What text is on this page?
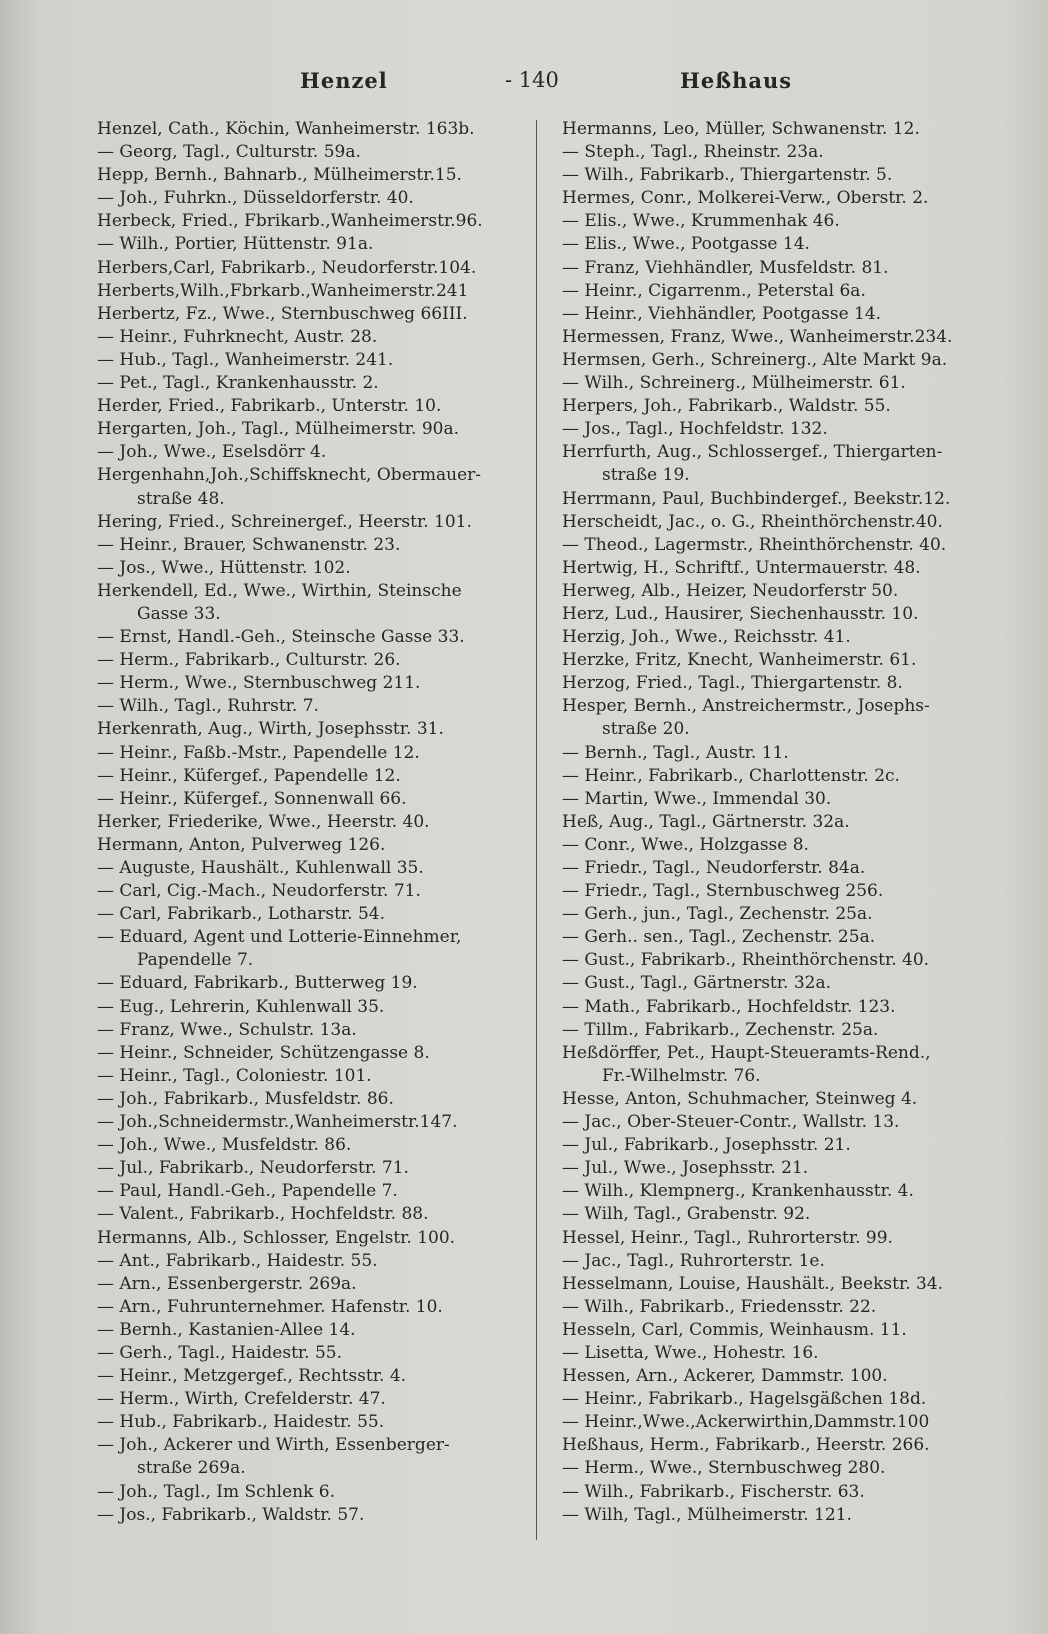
Henzel	- 140	Heßhaus
Henzel, Cath., Köchin, Wanheimerstr. 163b.
— Georg, Tagl., Culturstr. 59a.
Hepp, Bernh., Bahnarb., Mülheimerstr.15.
— Joh., Fuhrkn., Düsseldorferstr. 40.
Herbeck, Fried., Fbrikarb.,Wanheimerstr.96.
— Wilh., Portier, Hüttenstr. 91a.
Herbers,Carl, Fabrikarb., Neudorferstr.104.
Herberts,Wilh.,Fbrkarb.,Wanheimerstr.241
Herbertz, Fz., Wwe., Sternbuschweg 66III.
— Heinr., Fuhrknecht, Austr. 28.
— Hub., Tagl., Wanheimerstr. 241.
— Pet., Tagl., Krankenhausstr. 2.
Herder, Fried., Fabrikarb., Unterstr. 10.
Hergarten, Joh., Tagl., Mülheimerstr. 90a.
— Joh., Wwe., Eselsdörr 4.
Hergenhahn,Joh.,Schiffsknecht, Obermauer-
straße 48.
Hering, Fried., Schreinergef., Heerstr. 101.
— Heinr., Brauer, Schwanenstr. 23.
— Jos., Wwe., Hüttenstr. 102.
Herkendell, Ed., Wwe., Wirthin, Steinsche
Gasse 33.
— Ernst, Handl.-Geh., Steinsche Gasse 33.
— Herm., Fabrikarb., Culturstr. 26.
— Herm., Wwe., Sternbuschweg 211.
— Wilh., Tagl., Ruhrstr. 7.
Herkenrath, Aug., Wirth, Josephsstr. 31.
— Heinr., Faßb.-Mstr., Papendelle 12.
— Heinr., Küfergef., Papendelle 12.
— Heinr., Küfergef., Sonnenwall 66.
Herker, Friederike, Wwe., Heerstr. 40.
Hermann, Anton, Pulverweg 126.
— Auguste, Haushält., Kuhlenwall 35.
— Carl, Cig.-Mach., Neudorferstr. 71.
— Carl, Fabrikarb., Lotharstr. 54.
— Eduard, Agent und Lotterie-Einnehmer,
Papendelle 7.
— Eduard, Fabrikarb., Butterweg 19.
— Eug., Lehrerin, Kuhlenwall 35.
— Franz, Wwe., Schulstr. 13a.
— Heinr., Schneider, Schützengasse 8.
— Heinr., Tagl., Coloniestr. 101.
— Joh., Fabrikarb., Musfeldstr. 86.
— Joh.,Schneidermstr.,Wanheimerstr.147.
— Joh., Wwe., Musfeldstr. 86.
— Jul., Fabrikarb., Neudorferstr. 71.
— Paul, Handl.-Geh., Papendelle 7.
— Valent., Fabrikarb., Hochfeldstr. 88.
Hermanns, Alb., Schlosser, Engelstr. 100.
— Ant., Fabrikarb., Haidestr. 55.
— Arn., Essenbergerstr. 269a.
— Arn., Fuhrunternehmer. Hafenstr. 10.
— Bernh., Kastanien-Allee 14.
— Gerh., Tagl., Haidestr. 55.
— Heinr., Metzgergef., Rechtsstr. 4.
— Herm., Wirth, Crefelderstr. 47.
— Hub., Fabrikarb., Haidestr. 55.
— Joh., Ackerer und Wirth, Essenberger-
straße 269a.
— Joh., Tagl., Im Schlenk 6.
— Jos., Fabrikarb., Waldstr. 57.
Hermanns, Leo, Müller, Schwanenstr. 12.
— Steph., Tagl., Rheinstr. 23a.
— Wilh., Fabrikarb., Thiergartenstr. 5.
Hermes, Conr., Molkerei-Verw., Oberstr. 2.
— Elis., Wwe., Krummenhak 46.
— Elis., Wwe., Pootgasse 14.
— Franz, Viehhändler, Musfeldstr. 81.
— Heinr., Cigarrenm., Peterstal 6a.
— Heinr., Viehhändler, Pootgasse 14.
Hermessen, Franz, Wwe., Wanheimerstr.234.
Hermsen, Gerh., Schreinerg., Alte Markt 9a.
— Wilh., Schreinerg., Mülheimerstr. 61.
Herpers, Joh., Fabrikarb., Waldstr. 55.
— Jos., Tagl., Hochfeldstr. 132.
Herrfurth, Aug., Schlossergef., Thiergarten-
straße 19.
Herrmann, Paul, Buchbindergef., Beekstr.12.
Herscheidt, Jac., o. G., Rheinthörchenstr.40.
— Theod., Lagermstr., Rheinthörchenstr. 40.
Hertwig, H., Schriftf., Untermauerstr. 48.
Herweg, Alb., Heizer, Neudorferstr 50.
Herz, Lud., Hausirer, Siechenhausstr. 10.
Herzig, Joh., Wwe., Reichsstr. 41.
Herzke, Fritz, Knecht, Wanheimerstr. 61.
Herzog, Fried., Tagl., Thiergartenstr. 8.
Hesper, Bernh., Anstreichermstr., Josephs-
straße 20.
— Bernh., Tagl., Austr. 11.
— Heinr., Fabrikarb., Charlottenstr. 2c.
— Martin, Wwe., Immendal 30.
Heß, Aug., Tagl., Gärtnerstr. 32a.
— Conr., Wwe., Holzgasse 8.
— Friedr., Tagl., Neudorferstr. 84a.
— Friedr., Tagl., Sternbuschweg 256.
— Gerh., jun., Tagl., Zechenstr. 25a.
— Gerh.. sen., Tagl., Zechenstr. 25a.
— Gust., Fabrikarb., Rheinthörchenstr. 40.
— Gust., Tagl., Gärtnerstr. 32a.
— Math., Fabrikarb., Hochfeldstr. 123.
— Tillm., Fabrikarb., Zechenstr. 25a.
Heßdörffer, Pet., Haupt-Steueramts-Rend.,
Fr.-Wilhelmstr. 76.
Hesse, Anton, Schuhmacher, Steinweg 4.
— Jac., Ober-Steuer-Contr., Wallstr. 13.
— Jul., Fabrikarb., Josephsstr. 21.
— Jul., Wwe., Josephsstr. 21.
— Wilh., Klempnerg., Krankenhausstr. 4.
— Wilh, Tagl., Grabenstr. 92.
Hessel, Heinr., Tagl., Ruhrorterstr. 99.
— Jac., Tagl., Ruhrorterstr. 1e.
Hesselmann, Louise, Haushält., Beekstr. 34.
— Wilh., Fabrikarb., Friedensstr. 22.
Hesseln, Carl, Commis, Weinhausm. 11.
— Lisetta, Wwe., Hohestr. 16.
Hessen, Arn., Ackerer, Dammstr. 100.
— Heinr., Fabrikarb., Hagelsgäßchen 18d.
— Heinr.,Wwe.,Ackerwirthin,Dammstr.100
Heßhaus, Herm., Fabrikarb., Heerstr. 266.
— Herm., Wwe., Sternbuschweg 280.
— Wilh., Fabrikarb., Fischerstr. 63.
— Wilh, Tagl., Mülheimerstr. 121.
